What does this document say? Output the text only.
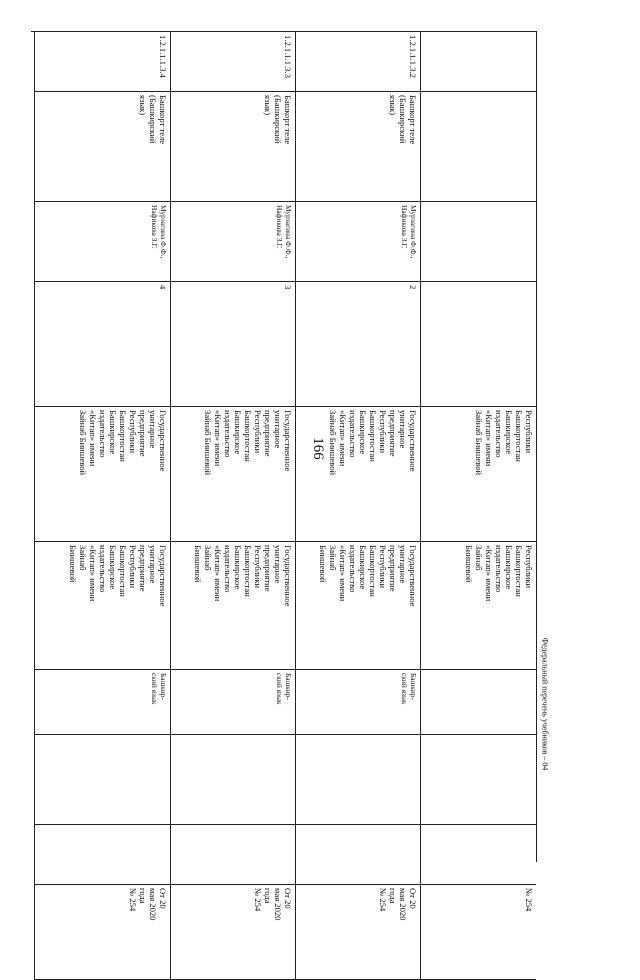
166	Республики
Башкортостан
Башкирское
издательство
«Китап» имени
Зайнаб Биишевой
Республики
Башкортостан
Башкирское
издательство
«Китап» имени
Зайнаб
Биишевой
№ 254
1.2.1.1.1.3.2
Башкорт теле
(Башкирский
язык)
Мурзагина Ф.Ф.,
Нафикова З.Г.
2
Государственное
унитарное
предприятие
Республики
Башкортостан
Башкирское
издательство
«Китап» имени
Зайнаб Биишевой
Государственное
унитарное
предприятие
Республики
Башкортостан
Башкирское
издательство
«Китап» имени
Зайнаб
Биишевой
Башкир-
ский язык
От 20
мая 2020
года
№ 254
1.2.1.1.1.3.3
Башкорт теле
(Башкирский
язык)
Мурзагина Ф.Ф.,
Нафикова З.Г.
3
Государственное
унитарное
предприятие
Республики
Башкортостан
Башкирское
издательство
«Китап» имени
Зайнаб Биишевой
Государственное
унитарное
предприятие
Республики
Башкортостан
Башкирское
издательство
«Китап» имени
Зайнаб
Биишевой
Башкир-
ский язык
От 20
мая 2020
года
№ 254
1.2.1.1.1.3.4
Башкорт теле
(Башкирский
язык)
Мурзагина Ф.Ф.,
Нафикова З.Г.
4
Государственное
унитарное
предприятие
Республики
Башкортостан
Башкирское
издательство
«Китап» имени
Зайнаб Биишевой
Государственное
унитарное
предприятие
Республики
Башкортостан
Башкирское
издательство
«Китап» имени
Зайнаб
Биишевой
Башкир-
ский язык
От 20
мая 2020
года
№ 254
Федеральный перечень учебников – 04
